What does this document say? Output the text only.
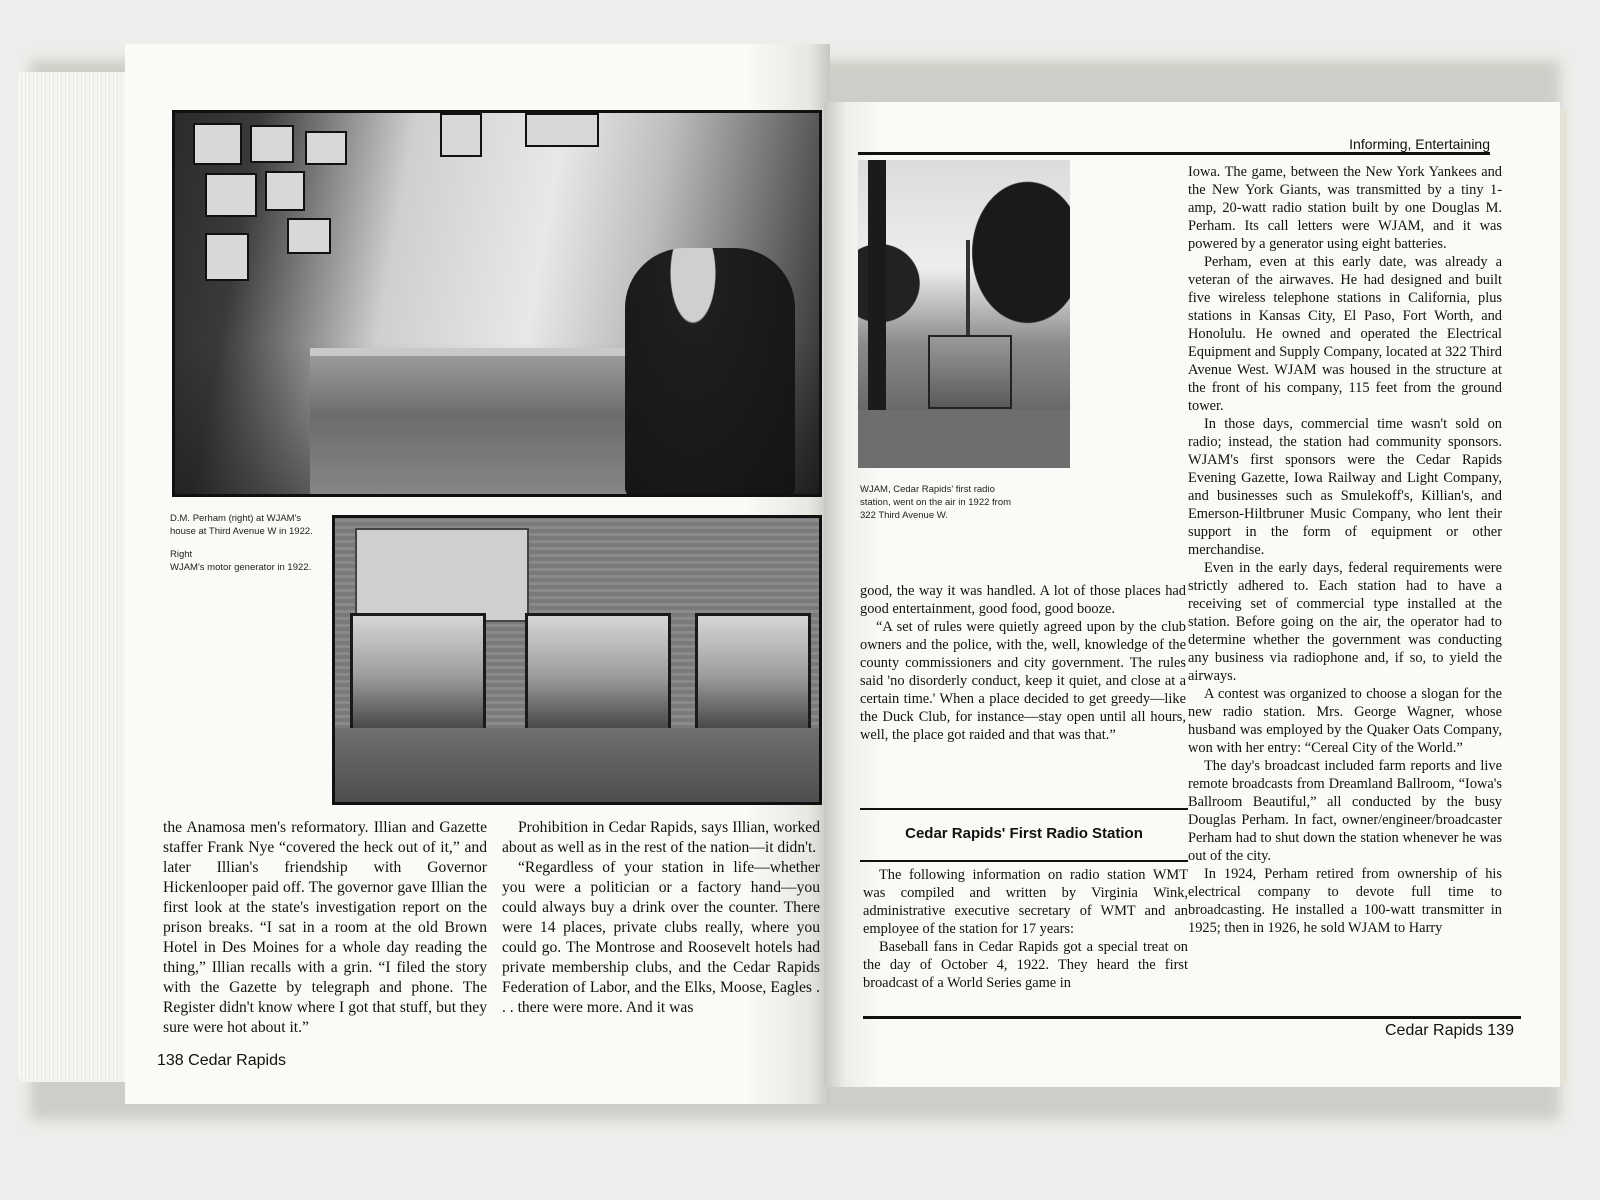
D.M. Perham (right) at WJAM's house at Third Avenue W in 1922.
Right
WJAM's motor generator in 1922.

the Anamosa men's reformatory. Illian and Gazette staffer Frank Nye “covered the heck out of it,” and later Illian's friendship with Governor Hickenlooper paid off. The governor gave Illian the first look at the state's investigation report on the prison breaks. “I sat in a room at the old Brown Hotel in Des Moines for a whole day reading the thing,” Illian recalls with a grin. “I filed the story with the Gazette by telegraph and phone. The Register didn't know where I got that stuff, but they sure were hot about it.”

Prohibition in Cedar Rapids, says Illian, worked about as well as in the rest of the nation—it didn't.

“Regardless of your station in life—whether you were a politician or a factory hand—you could always buy a drink over the counter. There were 14 places, private clubs really, where you could go. The Montrose and Roosevelt hotels had private membership clubs, and the Cedar Rapids Federation of Labor, and the Elks, Moose, Eagles . . . there were more. And it was

138 Cedar Rapids
Informing, Entertaining
WJAM, Cedar Rapids' first radio station, went on the air in 1922 from 322 Third Avenue W.

good, the way it was handled. A lot of those places had good entertainment, good food, good booze.

“A set of rules were quietly agreed upon by the club owners and the police, with the, well, knowledge of the county commissioners and city government. The rules said 'no disorderly conduct, keep it quiet, and close at a certain time.' When a place decided to get greedy—like the Duck Club, for instance—stay open until all hours, well, the place got raided and that was that.”

Cedar Rapids' First Radio Station

The following information on radio station WMT was compiled and written by Virginia Wink, administrative executive secretary of WMT and an employee of the station for 17 years:

Baseball fans in Cedar Rapids got a special treat on the day of October 4, 1922. They heard the first broadcast of a World Series game in

Iowa. The game, between the New York Yankees and the New York Giants, was transmitted by a tiny 1-amp, 20-watt radio station built by one Douglas M. Perham. Its call letters were WJAM, and it was powered by a generator using eight batteries.

Perham, even at this early date, was already a veteran of the airwaves. He had designed and built five wireless telephone stations in California, plus stations in Kansas City, El Paso, Fort Worth, and Honolulu. He owned and operated the Electrical Equipment and Supply Company, located at 322 Third Avenue West. WJAM was housed in the structure at the front of his company, 115 feet from the ground tower.

In those days, commercial time wasn't sold on radio; instead, the station had community sponsors. WJAM's first sponsors were the Cedar Rapids Evening Gazette, Iowa Railway and Light Company, and businesses such as Smulekoff's, Killian's, and Emerson-Hiltbruner Music Company, who lent their support in the form of equipment or other merchandise.

Even in the early days, federal requirements were strictly adhered to. Each station had to have a receiving set of commercial type installed at the station. Before going on the air, the operator had to determine whether the government was conducting any business via radiophone and, if so, to yield the airways.

A contest was organized to choose a slogan for the new radio station. Mrs. George Wagner, whose husband was employed by the Quaker Oats Company, won with her entry: “Cereal City of the World.”

The day's broadcast included farm reports and live remote broadcasts from Dreamland Ballroom, “Iowa's Ballroom Beautiful,” all conducted by the busy Douglas Perham. In fact, owner/engineer/broadcaster Perham had to shut down the station whenever he was out of the city.

In 1924, Perham retired from ownership of his electrical company to devote full time to broadcasting. He installed a 100-watt transmitter in 1925; then in 1926, he sold WJAM to Harry

Cedar Rapids 139
